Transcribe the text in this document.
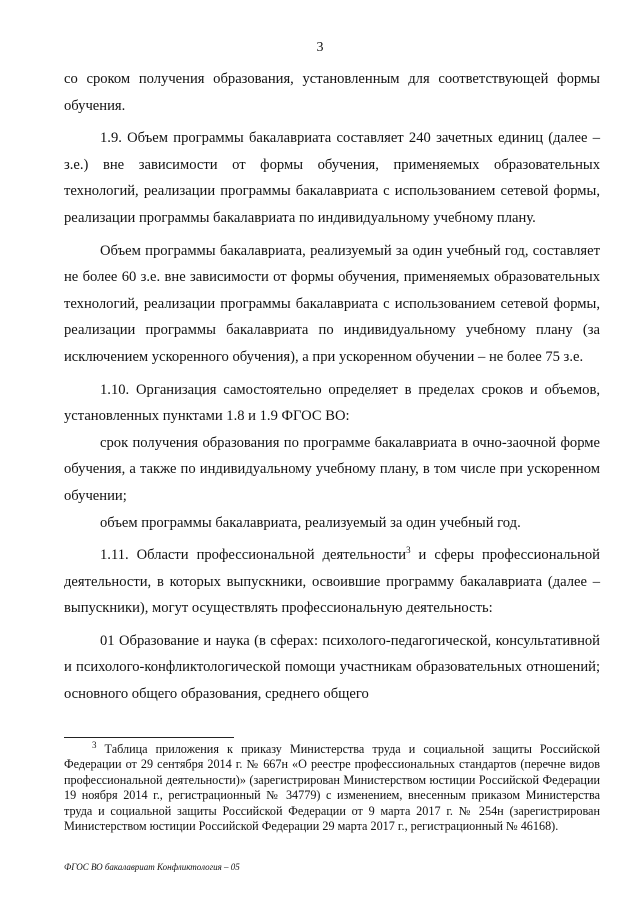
3

со сроком получения образования, установленным для соответствующей формы обучения.

1.9. Объем программы бакалавриата составляет 240 зачетных единиц (далее – з.е.) вне зависимости от формы обучения, применяемых образовательных технологий, реализации программы бакалавриата с использованием сетевой формы, реализации программы бакалавриата по индивидуальному учебному плану.

Объем программы бакалавриата, реализуемый за один учебный год, составляет не более 60 з.е. вне зависимости от формы обучения, применяемых образовательных технологий, реализации программы бакалавриата с использованием сетевой формы, реализации программы бакалавриата по индивидуальному учебному плану (за исключением ускоренного обучения), а при ускоренном обучении – не более 75 з.е.

1.10. Организация самостоятельно определяет в пределах сроков и объемов, установленных пунктами 1.8 и 1.9 ФГОС ВО:

срок получения образования по программе бакалавриата в очно-заочной форме обучения, а также по индивидуальному учебному плану, в том числе при ускоренном обучении;

объем программы бакалавриата, реализуемый за один учебный год.

1.11. Области профессиональной деятельности$^3$ и сферы профессиональной деятельности, в которых выпускники, освоившие программу бакалавриата (далее – выпускники), могут осуществлять профессиональную деятельность:

01 Образование и наука (в сферах: психолого-педагогической, консультативной и психолого-конфликтологической помощи участникам образовательных отношений; основного общего образования, среднего общего

$^3$ Таблица приложения к приказу Министерства труда и социальной защиты Российской Федерации от 29 сентября 2014 г. № 667н «О реестре профессиональных стандартов (перечне видов профессиональной деятельности)» (зарегистрирован Министерством юстиции Российской Федерации 19 ноября 2014 г., регистрационный № 34779) с изменением, внесенным приказом Министерства труда и социальной защиты Российской Федерации от 9 марта 2017 г. № 254н (зарегистрирован Министерством юстиции Российской Федерации 29 марта 2017 г., регистрационный № 46168).
ФГОС ВО бакалавриат Конфликтология – 05
